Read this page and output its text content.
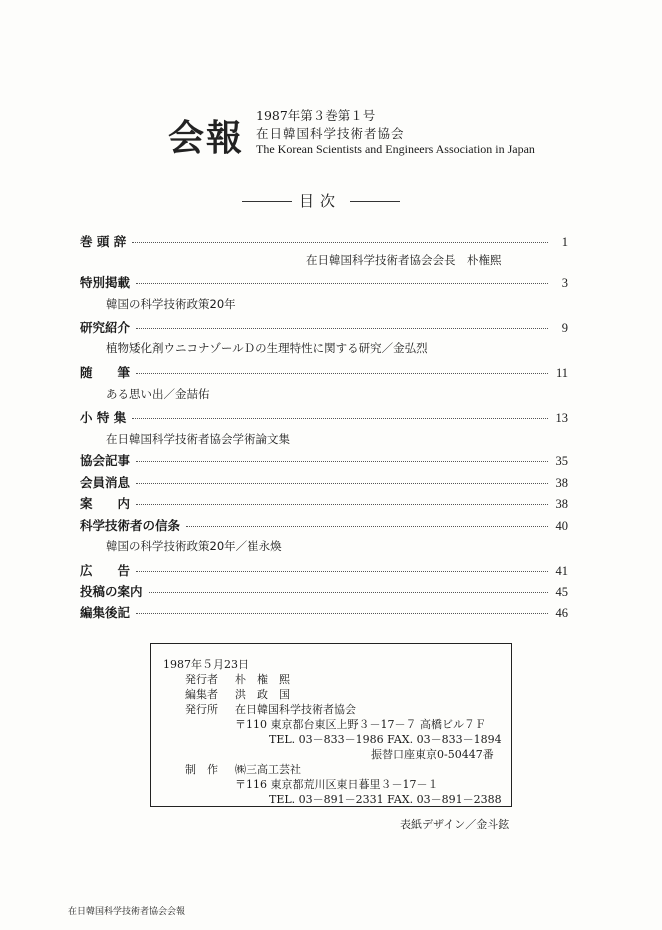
会報
1987年第３巻第１号
在日韓国科学技術者協会
The Korean Scientists and Engineers Association in Japan
目次
巻 頭 辞	1
在日韓国科学技術者協会会長　朴権熙
特別掲載	3
韓国の科学技術政策20年
研究紹介	9
植物矮化剤ウニコナゾールＤの生理特性に関する研究／金弘烈
随　　筆	11
ある思い出／金喆佑
小 特 集	13
在日韓国科学技術者協会学術論文集
協会記事	35
会員消息	38
案　　内	38
科学技術者の信条	40
韓国の科学技術政策20年／崔永煥
広　　告	41
投稿の案内	45
編集後記	46
1987年５月23日
発行者 朴　権　熙
編集者 洪　政　国
発行所 在日韓国科学技術者協会
〒110 東京都台東区上野３－17－７ 高橋ビル７Ｆ
TEL. 03－833－1986 FAX. 03－833－1894
振替口座東京0-50447番
制　作 ㈱三高工芸社
〒116 東京都荒川区東日暮里３－17－１
TEL. 03－891－2331 FAX. 03－891－2388
表紙デザイン／金斗鉉
在日韓国科学技術者協会会報
